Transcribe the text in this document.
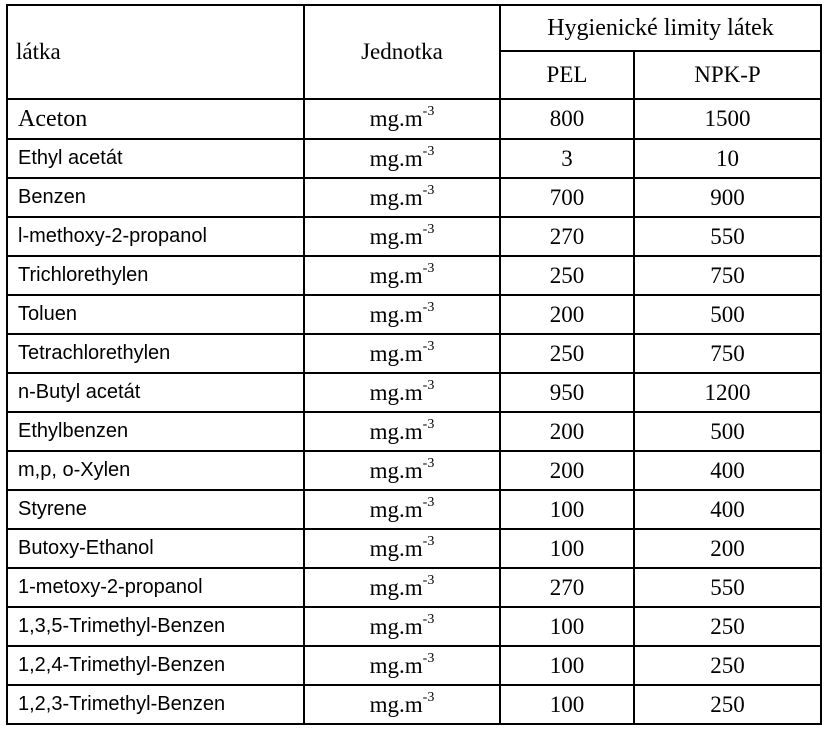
látka	Jednotka	Hygienické limity látek	
		PEL	NPK-P
Aceton	$mg.m^{-3}$	800	1500
Ethyl acetát	$mg.m^{-3}$	3	10
Benzen	$mg.m^{-3}$	700	900
l-methoxy-2-propanol	$mg.m^{-3}$	270	550
Trichlorethylen	$mg.m^{-3}$	250	750
Toluen	$mg.m^{-3}$	200	500
Tetrachlorethylen	$mg.m^{-3}$	250	750
n-Butyl acetát	$mg.m^{-3}$	950	1200
Ethylbenzen	$mg.m^{-3}$	200	500
m,p, o-Xylen	$mg.m^{-3}$	200	400
Styrene	$mg.m^{-3}$	100	400
Butoxy-Ethanol	$mg.m^{-3}$	100	200
1-metoxy-2-propanol	$mg.m^{-3}$	270	550
1,3,5-Trimethyl-Benzen	$mg.m^{-3}$	100	250
1,2,4-Trimethyl-Benzen	$mg.m^{-3}$	100	250
1,2,3-Trimethyl-Benzen	$mg.m^{-3}$	100	250
